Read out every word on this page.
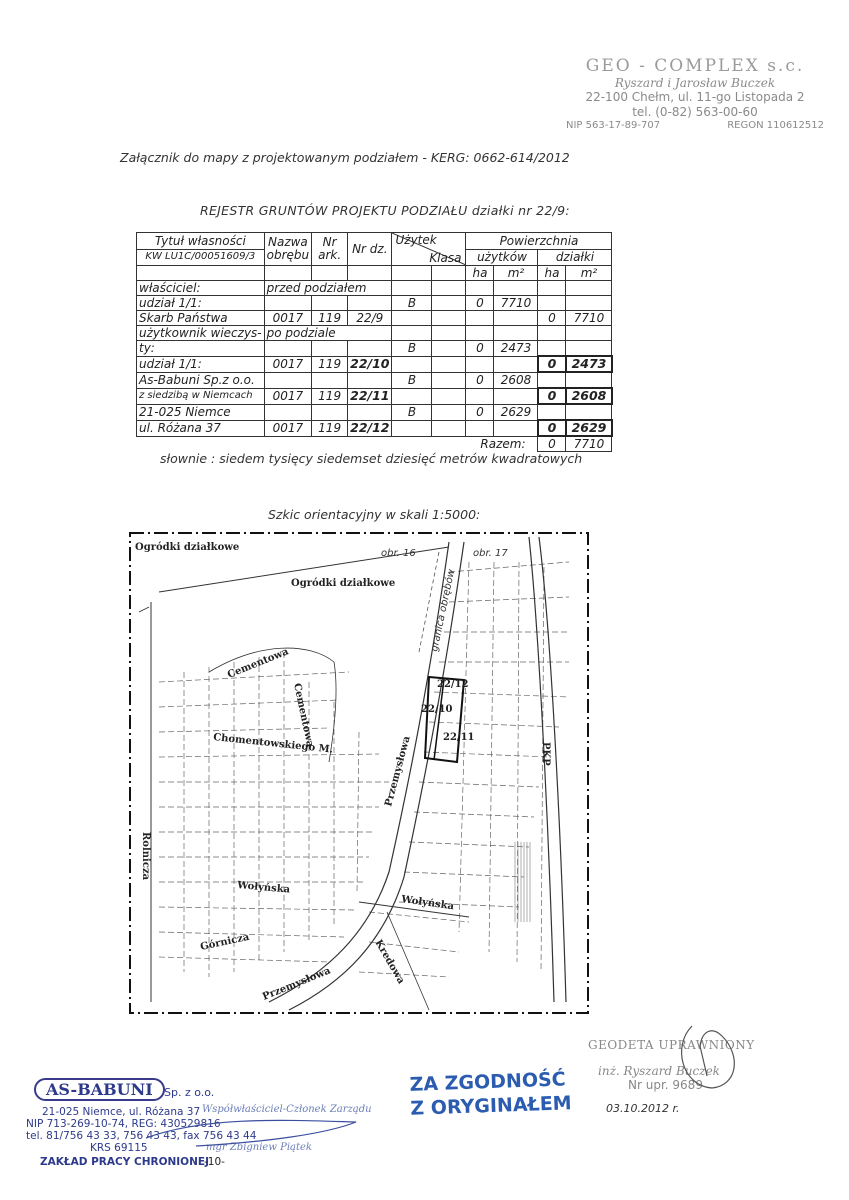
GEO - COMPLEX s.c.
Ryszard i Jarosław Buczek
22-100 Chełm, ul. 11-go Listopada 2
tel. (0-82) 563-00-60
NIP 563-17-89-707	REGON 110612512
Załącznik do mapy z projektowanym podziałem - KERG: 0662-614/2012
REJESTR GRUNTÓW PROJEKTU PODZIAŁU działki nr 22/9:
Tytuł własności	Nazwa obrębu	Nr ark.	Nr dz.	Użytek
Klasa		Powierzchnia			
KW LU1C/00051609/3						użytków		działki	
						ha	m²	ha	m²
właściciel:	przed podziałem								
udział 1/1:				B		0	7710		
Skarb Państwa	0017	119	22/9					0	7710
użytkownik wieczys-	po podziale								
ty:				B		0	2473		
udział 1/1:	0017	119	22/10					0	2473
As-Babuni Sp.z o.o.				B		0	2608		
z siedzibą w Niemcach	0017	119	22/11					0	2608
21-025 Niemce				B		0	2629		
ul. Różana 37	0017	119	22/12					0	2629
Razem:								0	7710
słownie : siedem tysięcy siedemset dziesięć metrów kwadratowych
Szkic orientacyjny w skali 1:5000:
Ogródki działkowe
Ogródki działkowe
Cementowa
Cementowa
Chomentowskiego M.	Przemysłowa
Przemysłowa
Rolnicza
PKP
Wołyńska
Wołyńska
Górnicza	Kredowa
22/12
22/10
22/11
obr. 16	obr. 17
granica obrębów
AS-BABUNI	Sp. z o.o.
21-025 Niemce, ul. Różana 37 Współwłaściciel-Członek Zarządu
NIP 713-269-10-74, REG: 430529816
tel. 81/756 43 33, 756 43 43, fax 756 43 44
KRS 69115	mgr Zbigniew Piątek
ZAKŁAD PRACY CHRONIONEJ
-10-
ZA ZGODNOŚĆ
Z ORYGINAŁEM
GEODETA UPRAWNIONY
inż. Ryszard Buczek
Nr upr. 9689
03.10.2012 r.
